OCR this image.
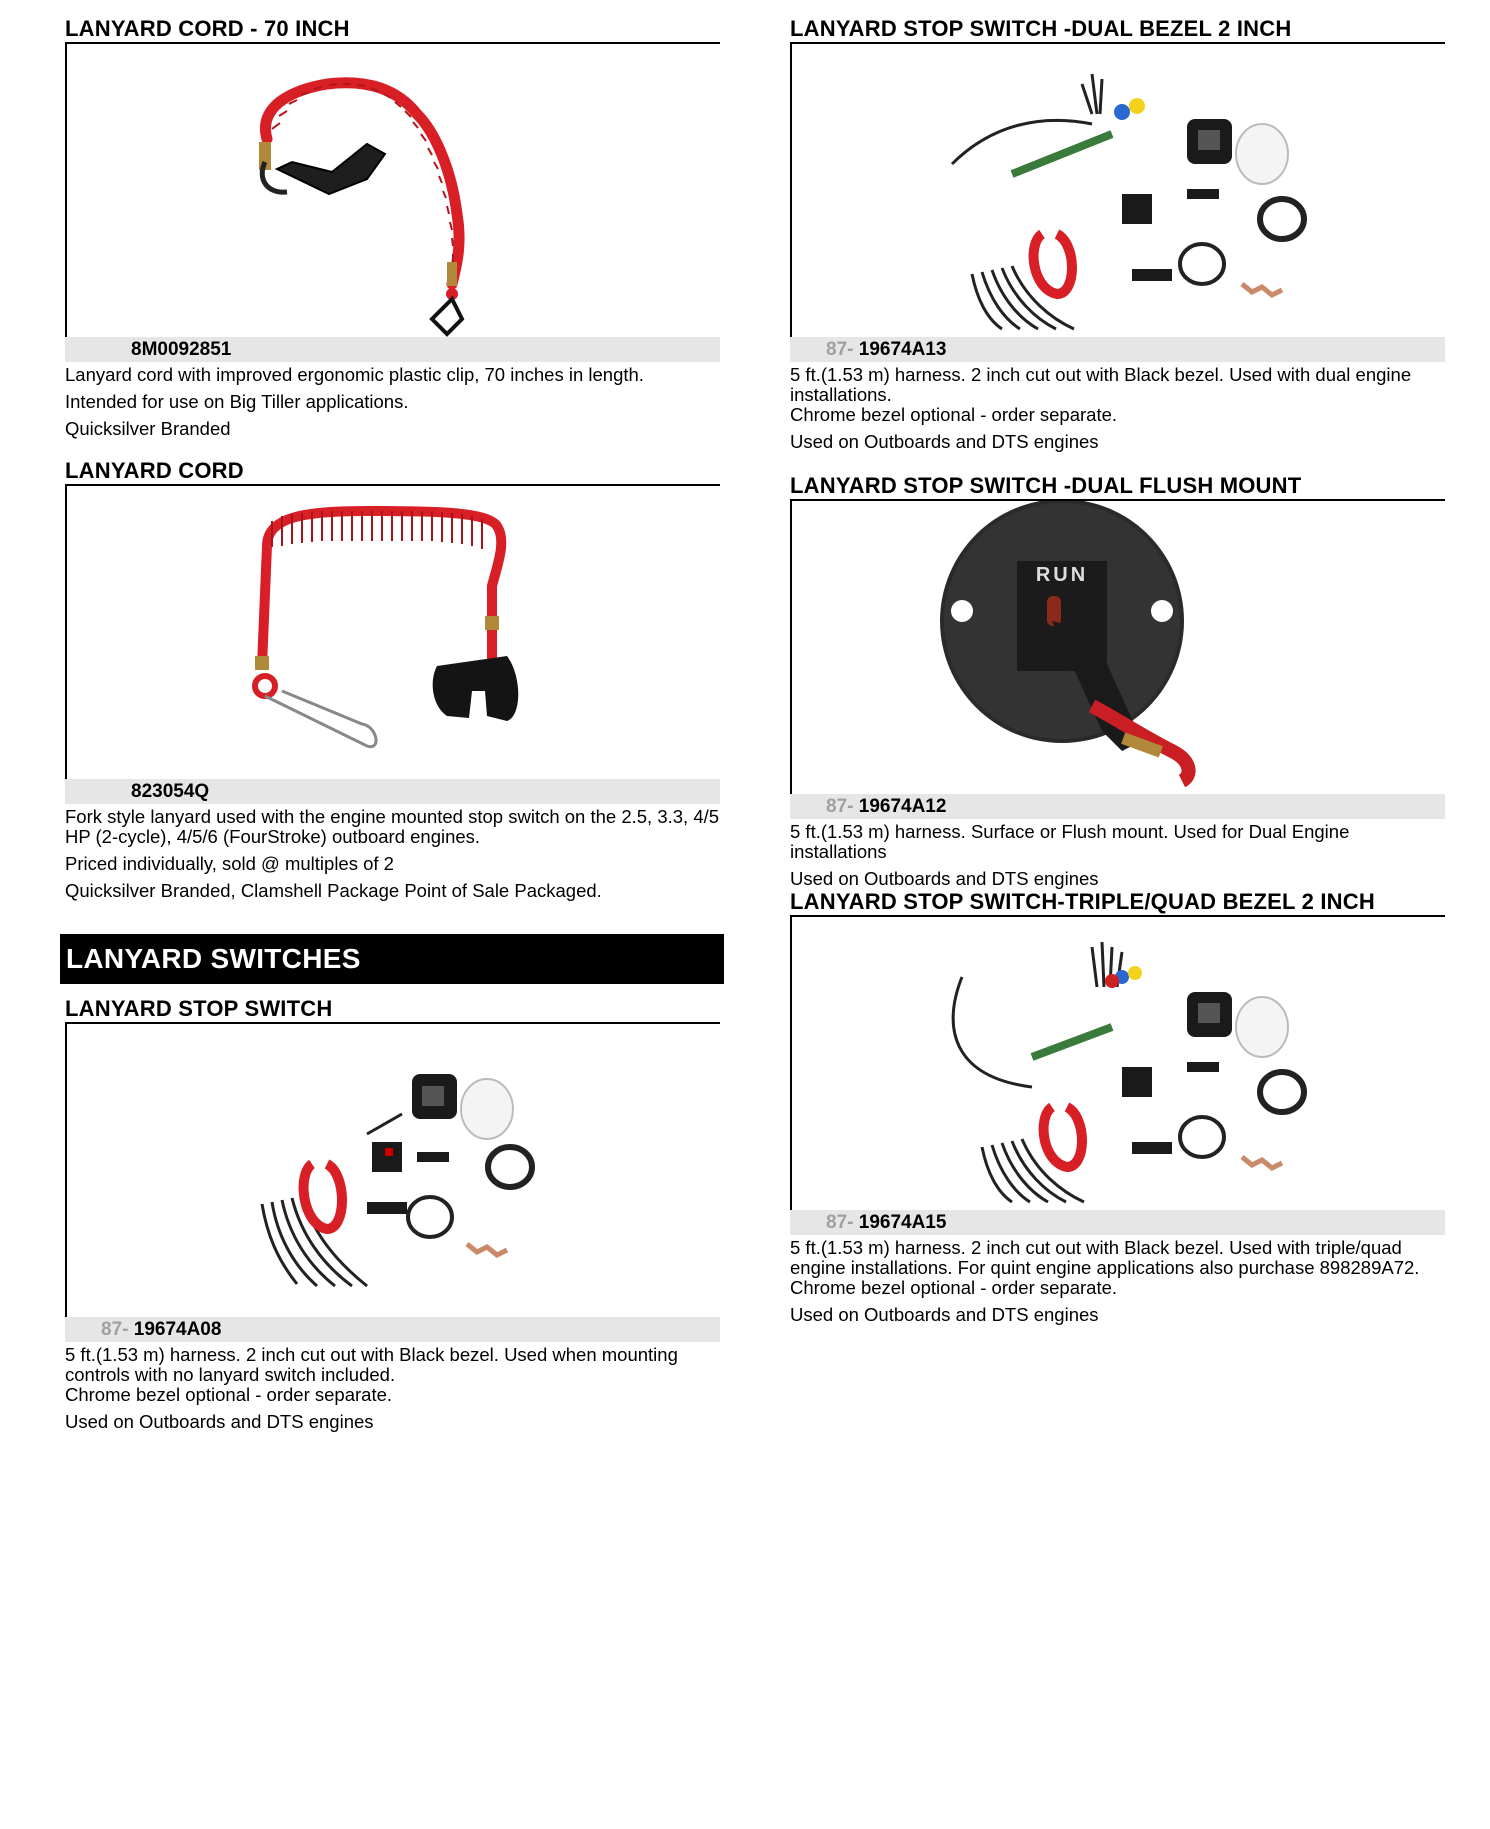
LANYARD CORD - 70 INCH
8M0092851
Lanyard cord with improved ergonomic plastic clip, 70 inches in length.
Intended for use on Big Tiller applications.
Quicksilver Branded
LANYARD CORD
823054Q
Fork style lanyard used with the engine mounted stop switch on the 2.5, 3.3, 4/5
HP (2-cycle), 4/5/6 (FourStroke) outboard engines.
Priced individually, sold @ multiples of 2
Quicksilver Branded, Clamshell Package Point of Sale Packaged.
LANYARD STOP SWITCH
87- 19674A08
5 ft.(1.53 m) harness. 2 inch cut out with Black bezel. Used when mounting
controls with no lanyard switch included.
Chrome bezel optional - order separate.
Used on Outboards and DTS engines
LANYARD SWITCHES
LANYARD STOP SWITCH -DUAL BEZEL 2 INCH
87- 19674A13
5 ft.(1.53 m) harness. 2 inch cut out with Black bezel. Used with dual engine
installations.
Chrome bezel optional - order separate.
Used on Outboards and DTS engines
LANYARD STOP SWITCH -DUAL FLUSH MOUNT
RUN
87- 19674A12
5 ft.(1.53 m) harness. Surface or Flush mount. Used for Dual Engine installations
Used on Outboards and DTS engines
LANYARD STOP SWITCH-TRIPLE/QUAD BEZEL 2 INCH
87- 19674A15
5 ft.(1.53 m) harness. 2 inch cut out with Black bezel. Used with triple/quad
engine installations. For quint engine applications also purchase 898289A72.
Chrome bezel optional - order separate.
Used on Outboards and DTS engines
